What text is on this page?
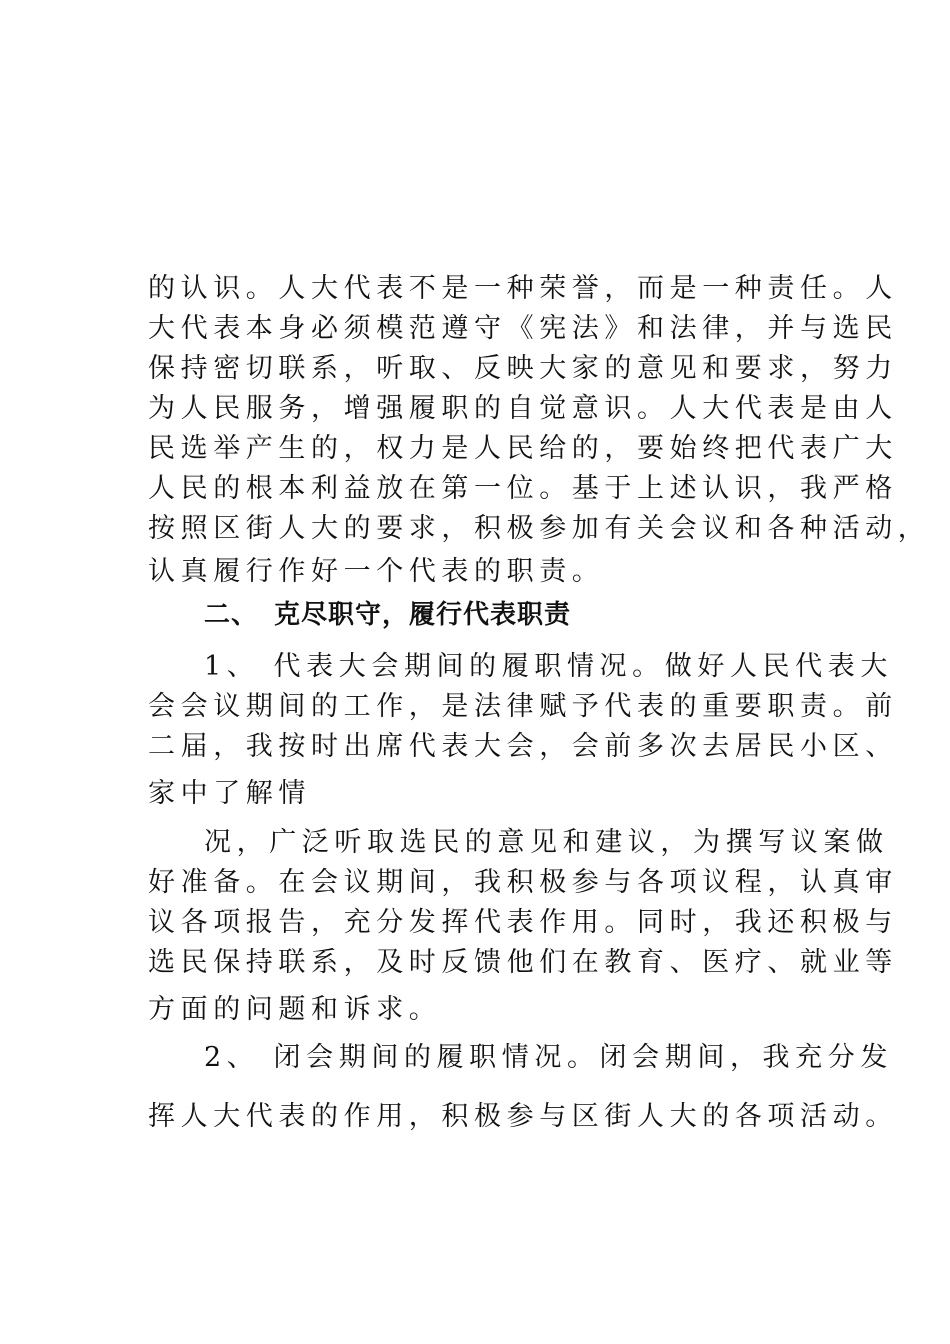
的认识。人大代表不是一种荣誉，而是一种责任。人
大代表本身必须模范遵守《宪法》和法律，并与选民
保持密切联系，听取、反映大家的意见和要求，努力
为人民服务，增强履职的自觉意识。人大代表是由人
民选举产生的，权力是人民给的，要始终把代表广大
人民的根本利益放在第一位。基于上述认识，我严格
按照区街人大的要求，积极参加有关会议和各种活动，
认真履行作好一个代表的职责。
二、 克尽职守，履行代表职责
1、 代表大会期间的履职情况。做好人民代表大
会会议期间的工作，是法律赋予代表的重要职责。前
二届，我按时出席代表大会，会前多次去居民小区、
家中了解情
况，广泛听取选民的意见和建议，为撰写议案做
好准备。在会议期间，我积极参与各项议程，认真审
议各项报告，充分发挥代表作用。同时，我还积极与
选民保持联系，及时反馈他们在教育、医疗、就业等
方面的问题和诉求。
2、 闭会期间的履职情况。闭会期间，我充分发
挥人大代表的作用，积极参与区街人大的各项活动。
